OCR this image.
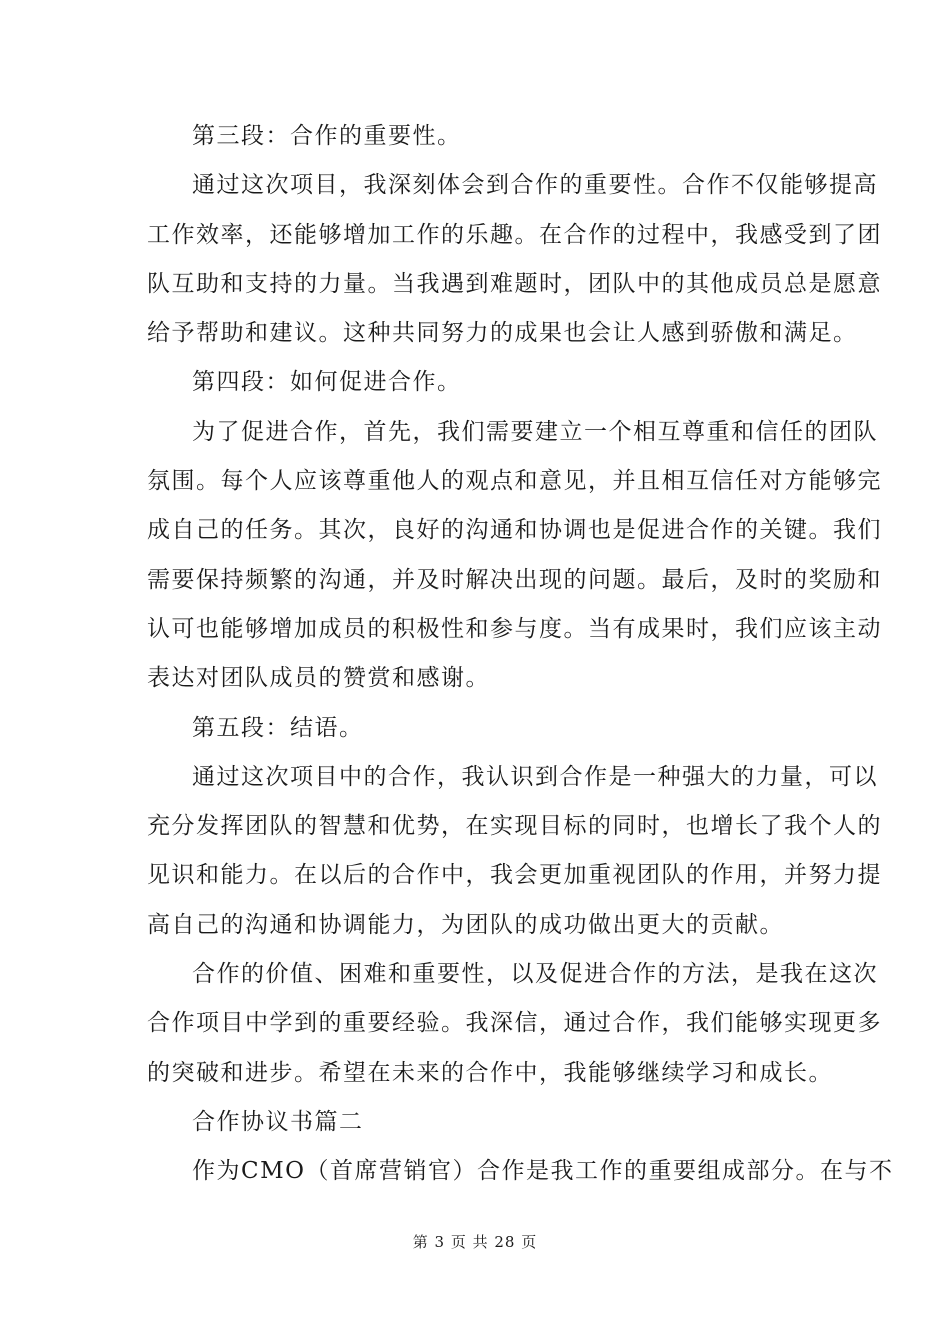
第三段：合作的重要性。
通过这次项目，我深刻体会到合作的重要性。合作不仅能够提高
工作效率，还能够增加工作的乐趣。在合作的过程中，我感受到了团
队互助和支持的力量。当我遇到难题时，团队中的其他成员总是愿意
给予帮助和建议。这种共同努力的成果也会让人感到骄傲和满足。
第四段：如何促进合作。
为了促进合作，首先，我们需要建立一个相互尊重和信任的团队
氛围。每个人应该尊重他人的观点和意见，并且相互信任对方能够完
成自己的任务。其次，良好的沟通和协调也是促进合作的关键。我们
需要保持频繁的沟通，并及时解决出现的问题。最后，及时的奖励和
认可也能够增加成员的积极性和参与度。当有成果时，我们应该主动
表达对团队成员的赞赏和感谢。
第五段：结语。
通过这次项目中的合作，我认识到合作是一种强大的力量，可以
充分发挥团队的智慧和优势，在实现目标的同时，也增长了我个人的
见识和能力。在以后的合作中，我会更加重视团队的作用，并努力提
高自己的沟通和协调能力，为团队的成功做出更大的贡献。
合作的价值、困难和重要性，以及促进合作的方法，是我在这次
合作项目中学到的重要经验。我深信，通过合作，我们能够实现更多
的突破和进步。希望在未来的合作中，我能够继续学习和成长。
合作协议书篇二
作为CMO（首席营销官）合作是我工作的重要组成部分。在与不
第 3 页 共 28 页
